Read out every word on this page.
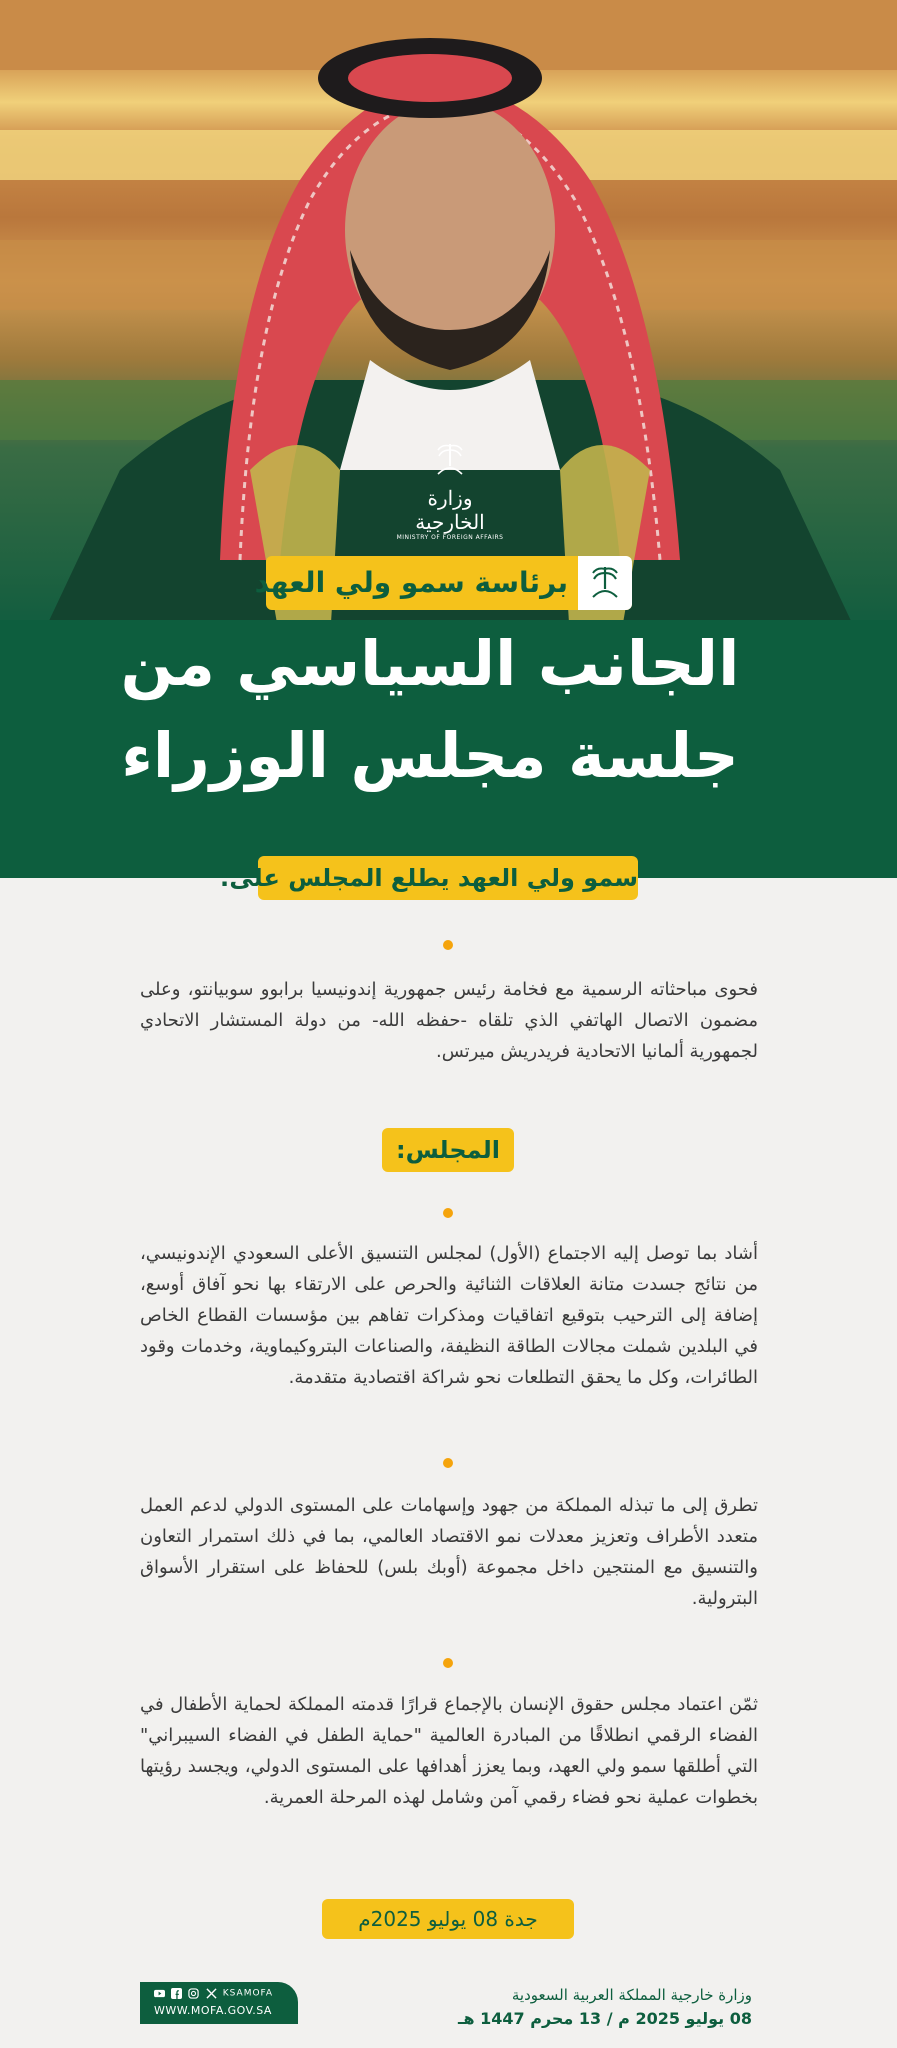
وزارة الخارجية
MINISTRY OF FOREIGN AFFAIRS
برئاسة سمو ولي العهد
الجانب السياسي من
جلسة مجلس الوزراء
سمو ولي العهد يطلع المجلس على:
فحوى مباحثاته الرسمية مع فخامة رئيس جمهورية إندونيسيا برابوو سوبيانتو، وعلى مضمون الاتصال الهاتفي الذي تلقاه -حفظه الله- من دولة المستشار الاتحادي لجمهورية ألمانيا الاتحادية فريدريش ميرتس.
المجلس:
أشاد بما توصل إليه الاجتماع (الأول) لمجلس التنسيق الأعلى السعودي الإندونيسي، من نتائج جسدت متانة العلاقات الثنائية والحرص على الارتقاء بها نحو آفاق أوسع، إضافة إلى الترحيب بتوقيع اتفاقيات ومذكرات تفاهم بين مؤسسات القطاع الخاص في البلدين شملت مجالات الطاقة النظيفة، والصناعات البتروكيماوية، وخدمات وقود الطائرات، وكل ما يحقق التطلعات نحو شراكة اقتصادية متقدمة.
تطرق إلى ما تبذله المملكة من جهود وإسهامات على المستوى الدولي لدعم العمل متعدد الأطراف وتعزيز معدلات نمو الاقتصاد العالمي، بما في ذلك استمرار التعاون والتنسيق مع المنتجين داخل مجموعة (أوبك بلس) للحفاظ على استقرار الأسواق البترولية.
ثمّن اعتماد مجلس حقوق الإنسان بالإجماع قرارًا قدمته المملكة لحماية الأطفال في الفضاء الرقمي انطلاقًا من المبادرة العالمية "حماية الطفل في الفضاء السيبراني" التي أطلقها سمو ولي العهد، وبما يعزز أهدافها على المستوى الدولي، ويجسد رؤيتها بخطوات عملية نحو فضاء رقمي آمن وشامل لهذه المرحلة العمرية.
جدة 08 يوليو 2025م
وزارة خارجية المملكة العربية السعودية
08 يوليو 2025 م / 13 محرم 1447 هـ
KSAMOFA
WWW.MOFA.GOV.SA
